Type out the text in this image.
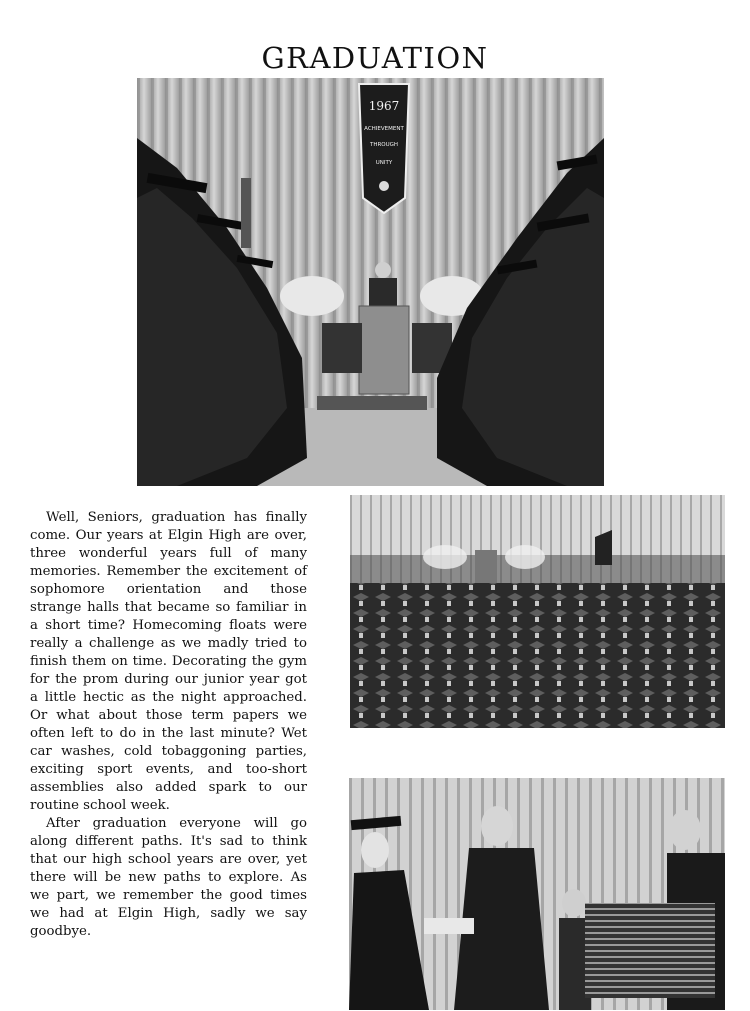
GRADUATION
1967
ACHIEVEMENT
THROUGH
UNITY

Well, Seniors, graduation has finally come. Our years at Elgin High are over, three wonderful years full of many memories. Remember the excitement of sophomore orientation and those strange halls that became so familiar in a short time? Homecoming floats were really a challenge as we madly tried to finish them on time. Decorating the gym for the prom during our junior year got a little hectic as the night approached. Or what about those term papers we often left to do in the last minute? Wet car washes, cold tobaggoning parties, exciting sport events, and too-short assemblies also added spark to our routine school week.

After graduation everyone will go along different paths. It's sad to think that our high school years are over, yet there will be new paths to explore. As we part, we remember the good times we had at Elgin High, sadly we say goodbye.
